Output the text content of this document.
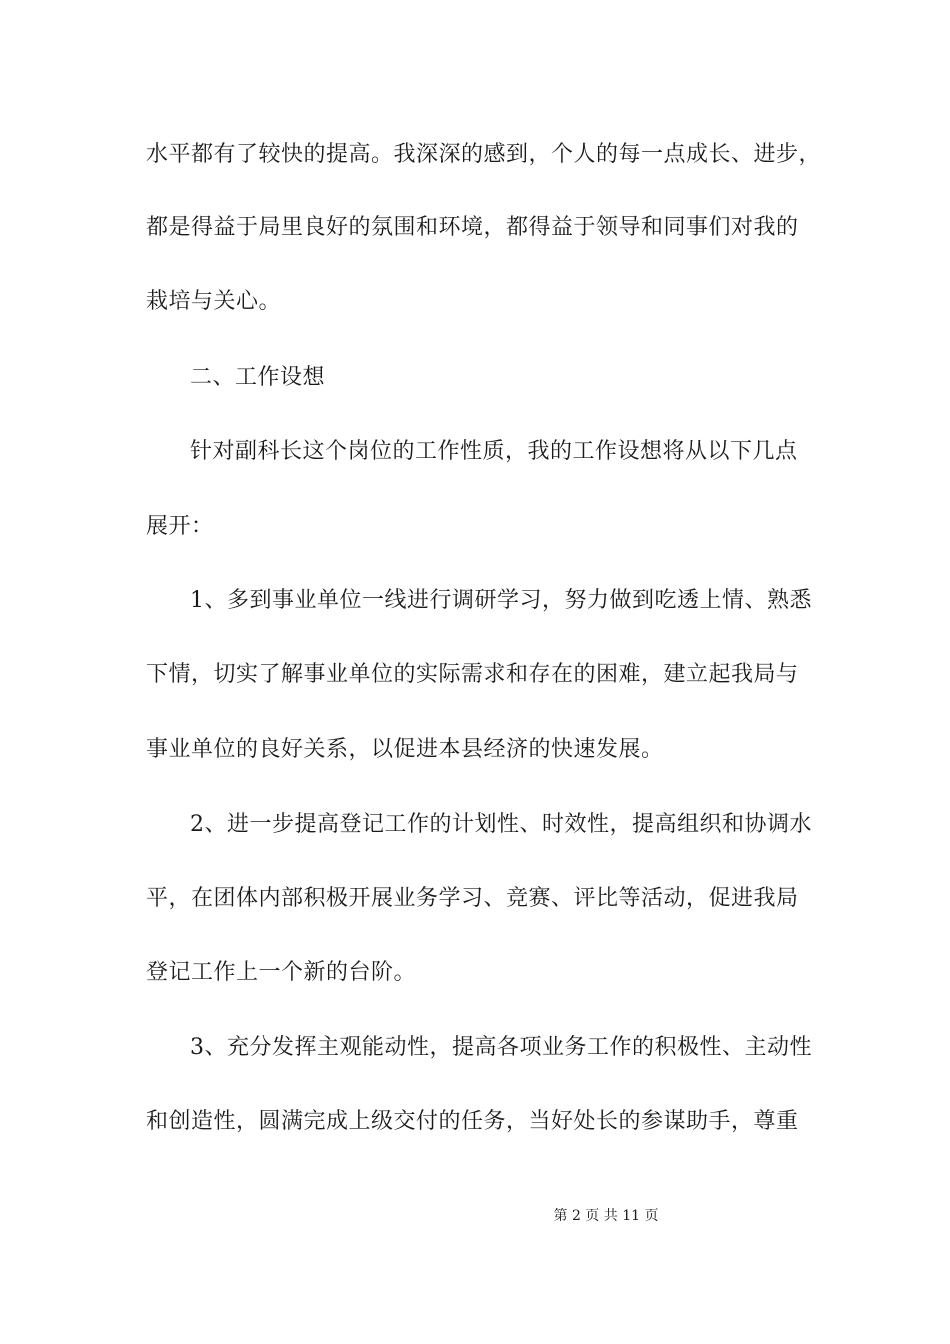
水平都有了较快的提高。我深深的感到，个人的每一点成长、进步，
都是得益于局里良好的氛围和环境，都得益于领导和同事们对我的
栽培与关心。
二、工作设想
针对副科长这个岗位的工作性质，我的工作设想将从以下几点
展开：
1、多到事业单位一线进行调研学习，努力做到吃透上情、熟悉
下情，切实了解事业单位的实际需求和存在的困难，建立起我局与
事业单位的良好关系，以促进本县经济的快速发展。
2、进一步提高登记工作的计划性、时效性，提高组织和协调水
平，在团体内部积极开展业务学习、竞赛、评比等活动，促进我局
登记工作上一个新的台阶。
3、充分发挥主观能动性，提高各项业务工作的积极性、主动性
和创造性，圆满完成上级交付的任务，当好处长的参谋助手，尊重
第 2 页 共 11 页
